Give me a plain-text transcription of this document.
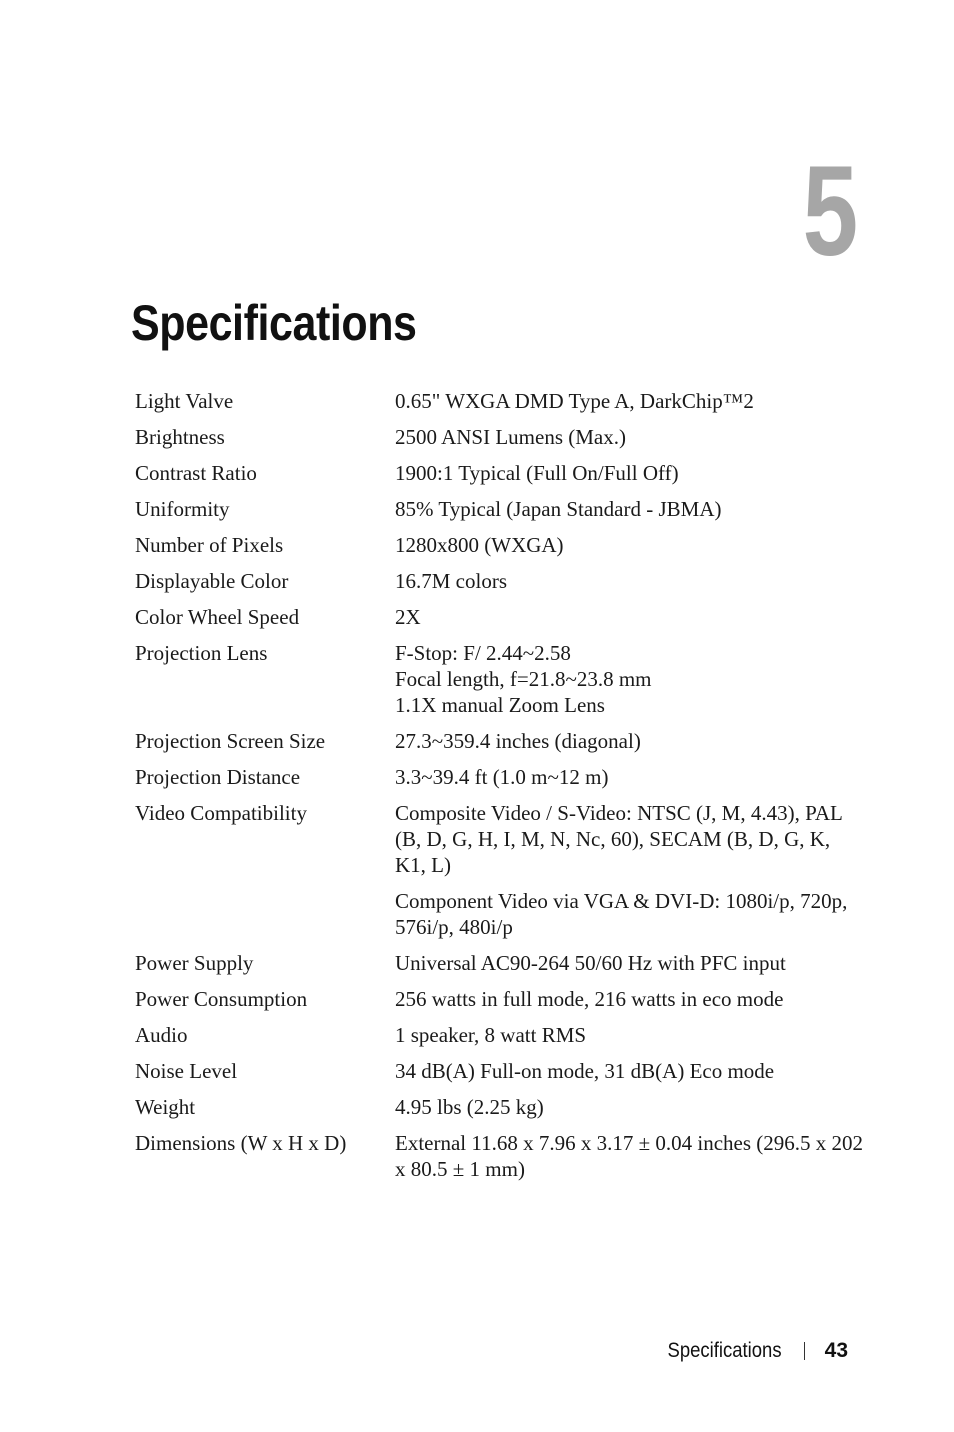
5
Specifications
Light Valve	0.65" WXGA DMD Type A, DarkChip™2

Brightness	2500 ANSI Lumens (Max.)

Contrast Ratio	1900:1 Typical (Full On/Full Off)

Uniformity	85% Typical (Japan Standard - JBMA)

Number of Pixels	1280x800 (WXGA)

Displayable Color	16.7M colors

Color Wheel Speed	2X

Projection Lens	F-Stop: F/ 2.44~2.58
Focal length, f=21.8~23.8 mm
1.1X manual Zoom Lens

Projection Screen Size	27.3~359.4 inches (diagonal)

Projection Distance	3.3~39.4 ft (1.0 m~12 m)

Video Compatibility	Composite Video / S-Video: NTSC (J, M, 4.43), PAL (B, D, G, H, I, M, N, Nc, 60), SECAM (B, D, G, K, K1, L)
Component Video via VGA & DVI-D: 1080i/p, 720p, 576i/p, 480i/p

Power Supply	Universal AC90-264 50/60 Hz with PFC input

Power Consumption	256 watts in full mode, 216 watts in eco mode

Audio	1 speaker, 8 watt RMS

Noise Level	34 dB(A) Full-on mode, 31 dB(A) Eco mode

Weight	4.95 lbs (2.25 kg)

Dimensions (W x H x D)	External 11.68 x 7.96 x 3.17 ± 0.04 inches (296.5 x 202 x 80.5 ± 1 mm)
Specifications 43
